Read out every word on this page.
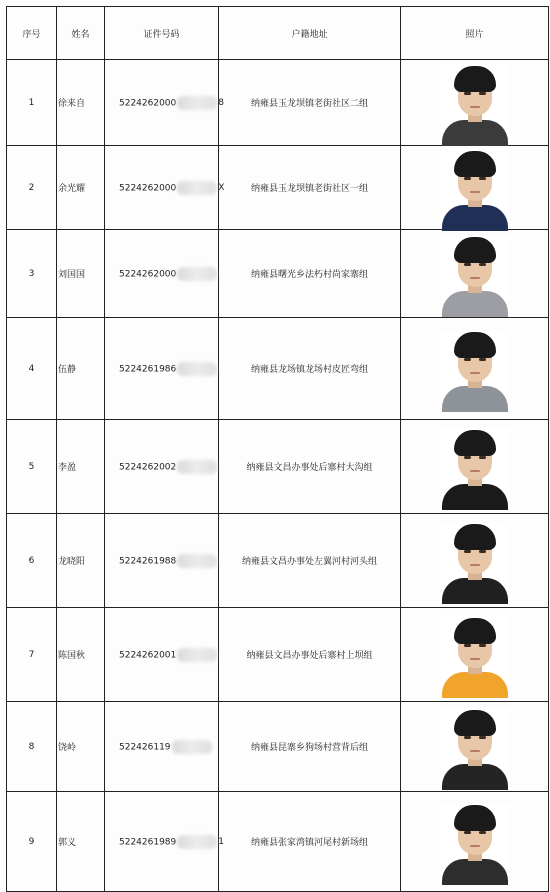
序号	姓名	证件号码	户籍地址	照片
1	徐来自	5224262000 8	纳雍县玉龙坝镇老街社区二组	

2	余光耀	5224262000 X	纳雍县玉龙坝镇老街社区一组	

3	刘国国	5224262000	纳雍县曙光乡法朽村尚家寨组	

4	伍静	5224261986	纳雍县龙场镇龙场村皮匠弯组	

5	李盈	5224262002	纳雍县文昌办事处后寨村大沟组	

6	龙晓阳	5224261988	纳雍县文昌办事处左翼河村河头组	

7	陈国秋	5224262001	纳雍县文昌办事处后寨村上坝组	

8	饶岭	522426119	纳雍县昆寨乡狗场村营背后组	

9	郭义	5224261989 1	纳雍县张家湾镇河尾村新场组	
